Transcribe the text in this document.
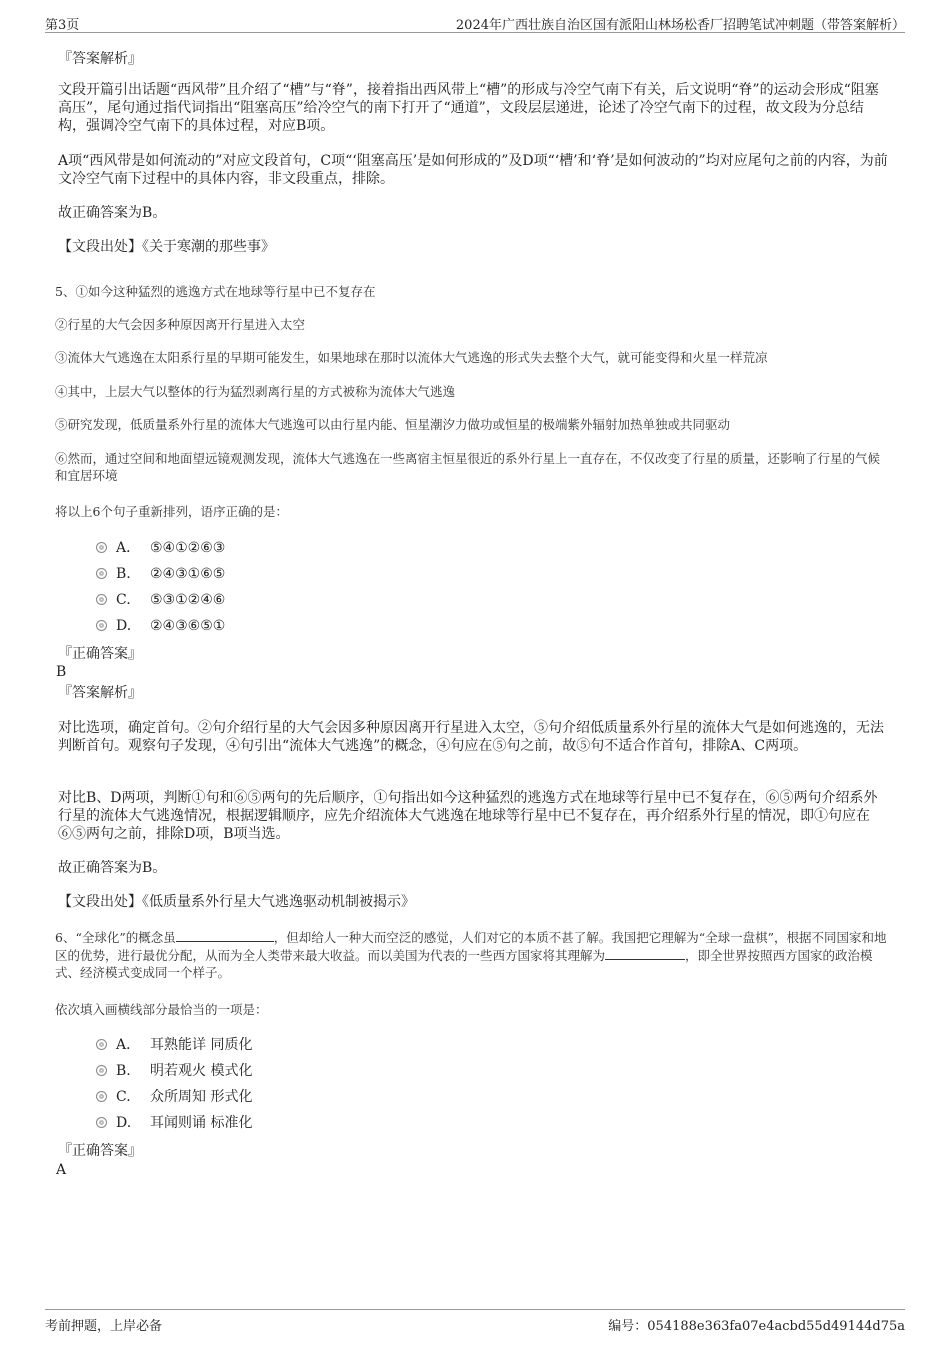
第3页	2024年广西壮族自治区国有派阳山林场松香厂招聘笔试冲刺题（带答案解析）
『答案解析』
文段开篇引出话题“西风带”且介绍了“槽”与“脊”，接着指出西风带上“槽”的形成与冷空气南下有关，后文说明“脊”的运动会形成“阻塞高压”，尾句通过指代词指出“阻塞高压”给冷空气的南下打开了“通道”，文段层层递进，论述了冷空气南下的过程，故文段为分总结构，强调冷空气南下的具体过程，对应B项。
A项“西风带是如何流动的”对应文段首句，C项“‘阻塞高压’是如何形成的”及D项“‘槽’和‘脊’是如何波动的”均对应尾句之前的内容，为前文冷空气南下过程中的具体内容，非文段重点，排除。
故正确答案为B。
【文段出处】《关于寒潮的那些事》
5、①如今这种猛烈的逃逸方式在地球等行星中已不复存在
②行星的大气会因多种原因离开行星进入太空
③流体大气逃逸在太阳系行星的早期可能发生，如果地球在那时以流体大气逃逸的形式失去整个大气，就可能变得和火星一样荒凉
④其中，上层大气以整体的行为猛烈剥离行星的方式被称为流体大气逃逸
⑤研究发现，低质量系外行星的流体大气逃逸可以由行星内能、恒星潮汐力做功或恒星的极端紫外辐射加热单独或共同驱动
⑥然而，通过空间和地面望远镜观测发现，流体大气逃逸在一些离宿主恒星很近的系外行星上一直存在，不仅改变了行星的质量，还影响了行星的气候和宜居环境
将以上6个句子重新排列，语序正确的是：
A． ⑤④①②⑥③
B. ②④③①⑥⑤
C. ⑤③①②④⑥
D. ②④③⑥⑤①
『正确答案』
B
『答案解析』
对比选项，确定首句。②句介绍行星的大气会因多种原因离开行星进入太空，⑤句介绍低质量系外行星的流体大气是如何逃逸的，无法判断首句。观察句子发现，④句引出“流体大气逃逸”的概念，④句应在⑤句之前，故⑤句不适合作首句，排除A、C两项。
对比B、D两项，判断①句和⑥⑤两句的先后顺序，①句指出如今这种猛烈的逃逸方式在地球等行星中已不复存在，⑥⑤两句介绍系外行星的流体大气逃逸情况，根据逻辑顺序，应先介绍流体大气逃逸在地球等行星中已不复存在，再介绍系外行星的情况，即①句应在⑥⑤两句之前，排除D项，B项当选。
故正确答案为B。
【文段出处】《低质量系外行星大气逃逸驱动机制被揭示》
6、“全球化”的概念虽	，但却给人一种大而空泛的感觉，人们对它的本质不甚了解。我国把它理解为“全球一盘棋”，根据不同国家和地区的优势，进行最优分配，从而为全人类带来最大收益。而以美国为代表的一些西方国家将其理解为	，即全世界按照西方国家的政治模式、经济模式变成同一个样子。
依次填入画横线部分最恰当的一项是：
A． 耳熟能详 同质化
B. 明若观火 模式化
C. 众所周知 形式化
D. 耳闻则诵 标准化
『正确答案』
A
考前押题，上岸必备	编号：054188e363fa07e4acbd55d49144d75a
